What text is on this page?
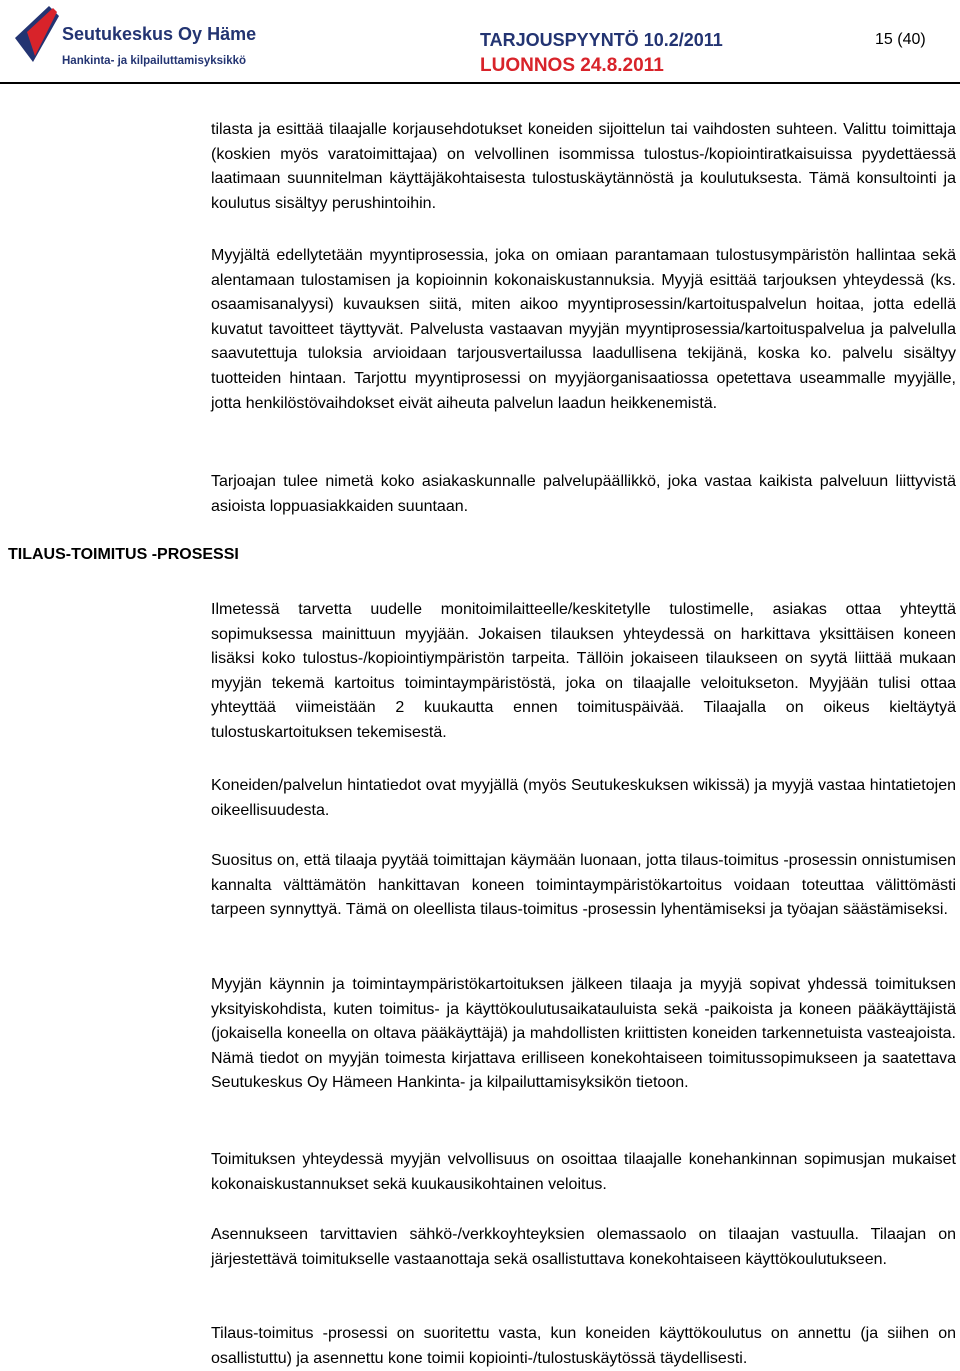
Seutukeskus Oy Häme
Hankinta- ja kilpailuttamisyksikkö
TARJOUSPYYNTÖ 10.2/2011
LUONNOS 24.8.2011
15 (40)
TILAUS-TOIMITUS -PROSESSI

tilasta ja esittää tilaajalle korjausehdotukset koneiden sijoittelun tai vaihdosten suhteen. Valittu toimittaja (koskien myös varatoimittajaa) on velvollinen isommissa tulostus-/kopiointiratkaisuissa pyydettäessä laatimaan suunnitelman käyttäjäkohtaisesta tulostuskäytännöstä ja koulutuksesta. Tämä konsultointi ja koulutus sisältyy perushintoihin.

Myyjältä edellytetään myyntiprosessia, joka on omiaan parantamaan tulostusympäristön hallintaa sekä alentamaan tulostamisen ja kopioinnin kokonaiskustannuksia. Myyjä esittää tarjouksen yhteydessä (ks. osaamisanalyysi) kuvauksen siitä, miten aikoo myyntiprosessin/kartoituspalvelun hoitaa, jotta edellä kuvatut tavoitteet täyttyvät. Palvelusta vastaavan myyjän myyntiprosessia/kartoituspalvelua ja palvelulla saavutettuja tuloksia arvioidaan tarjousvertailussa laadullisena tekijänä, koska ko. palvelu sisältyy tuotteiden hintaan. Tarjottu myyntiprosessi on myyjäorganisaatiossa opetettava useammalle myyjälle, jotta henkilöstövaihdokset eivät aiheuta palvelun laadun heikkenemistä.

Tarjoajan tulee nimetä koko asiakaskunnalle palvelupäällikkö, joka vastaa kaikista palveluun liittyvistä asioista loppuasiakkaiden suuntaan.

Ilmetessä tarvetta uudelle monitoimilaitteelle/keskitetylle tulostimelle, asiakas ottaa yhteyttä sopimuksessa mainittuun myyjään. Jokaisen tilauksen yhteydessä on harkittava yksittäisen koneen lisäksi koko tulostus-/kopiointiympäristön tarpeita. Tällöin jokaiseen tilaukseen on syytä liittää mukaan myyjän tekemä kartoitus toimintaympäristöstä, joka on tilaajalle veloitukseton. Myyjään tulisi ottaa yhteyttää viimeistään 2 kuukautta ennen toimituspäivää. Tilaajalla on oikeus kieltäytyä tulostuskartoituksen tekemisestä.

Koneiden/palvelun hintatiedot ovat myyjällä (myös Seutukeskuksen wikissä) ja myyjä vastaa hintatietojen oikeellisuudesta.

Suositus on, että tilaaja pyytää toimittajan käymään luonaan, jotta tilaus-toimitus -prosessin onnistumisen kannalta välttämätön hankittavan koneen toimintaympäristökartoitus voidaan toteuttaa välittömästi tarpeen synnyttyä. Tämä on oleellista tilaus-toimitus -prosessin lyhentämiseksi ja työajan säästämiseksi.

Myyjän käynnin ja toimintaympäristökartoituksen jälkeen tilaaja ja myyjä sopivat yhdessä toimituksen yksityiskohdista, kuten toimitus- ja käyttökoulutusaikatauluista sekä -paikoista ja koneen pääkäyttäjistä (jokaisella koneella on oltava pääkäyttäjä) ja mahdollisten kriittisten koneiden tarkennetuista vasteajoista. Nämä tiedot on myyjän toimesta kirjattava erilliseen konekohtaiseen toimitussopimukseen ja saatettava Seutukeskus Oy Hämeen Hankinta- ja kilpailuttamisyksikön tietoon.

Toimituksen yhteydessä myyjän velvollisuus on osoittaa tilaajalle konehankinnan sopimusjan mukaiset kokonaiskustannukset sekä kuukausikohtainen veloitus.

Asennukseen tarvittavien sähkö-/verkkoyhteyksien olemassaolo on tilaajan vastuulla. Tilaajan on järjestettävä toimitukselle vastaanottaja sekä osallistuttava konekohtaiseen käyttökoulutukseen.

Tilaus-toimitus -prosessi on suoritettu vasta, kun koneiden käyttökoulutus on annettu (ja siihen on osallistuttu) ja asennettu kone toimii kopiointi-/tulostuskäytössä täydellisesti.
